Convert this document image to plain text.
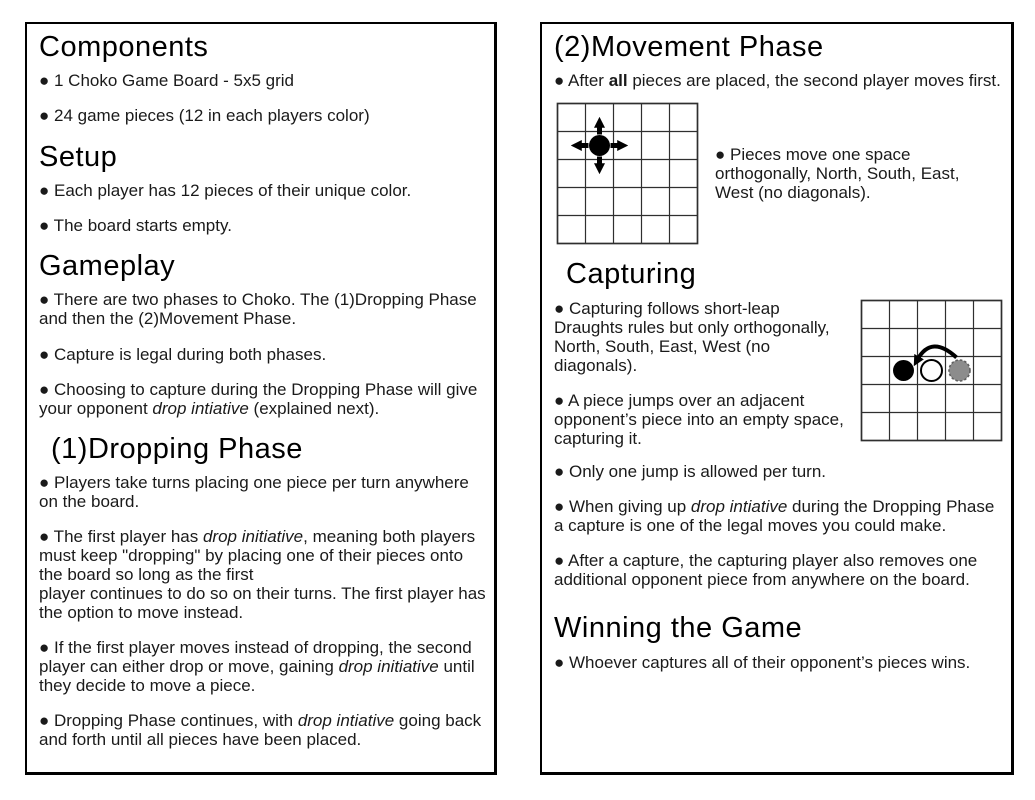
Components

● 1 Choko Game Board - 5x5 grid

● 24 game pieces (12 in each players color)

Setup

● Each player has 12 pieces of their unique color.

● The board starts empty.

Gameplay

● There are two phases to Choko. The (1)Dropping Phase and then the (2)Movement Phase.

● Capture is legal during both phases.

● Choosing to capture during the Dropping Phase will give your opponent drop intiative (explained next).

(1)Dropping Phase

● Players take turns placing one piece per turn anywhere on the board.

● The first player has drop initiative, meaning both players must keep "dropping" by placing one of their pieces onto the board so long as the first
player continues to do so on their turns. The first player has the option to move instead.

● If the first player moves instead of dropping, the second player can either drop or move, gaining drop initiative until they decide to move a piece.

● Dropping Phase continues, with drop intiative going back and forth until all pieces have been placed.

(2)Movement Phase

● After all pieces are placed, the second player moves first.

● Pieces move one space orthogonally, North, South, East, West (no diagonals).

Capturing

● Capturing follows short-leap Draughts rules but only orthogonally, North, South, East, West (no diagonals).

● A piece jumps over an adjacent opponent’s piece into an empty space, capturing it.

● Only one jump is allowed per turn.

● When giving up drop intiative during the Dropping Phase a capture is one of the legal moves you could make.

● After a capture, the capturing player also removes one additional opponent piece from anywhere on the board.

Winning the Game

● Whoever captures all of their opponent’s pieces wins.
